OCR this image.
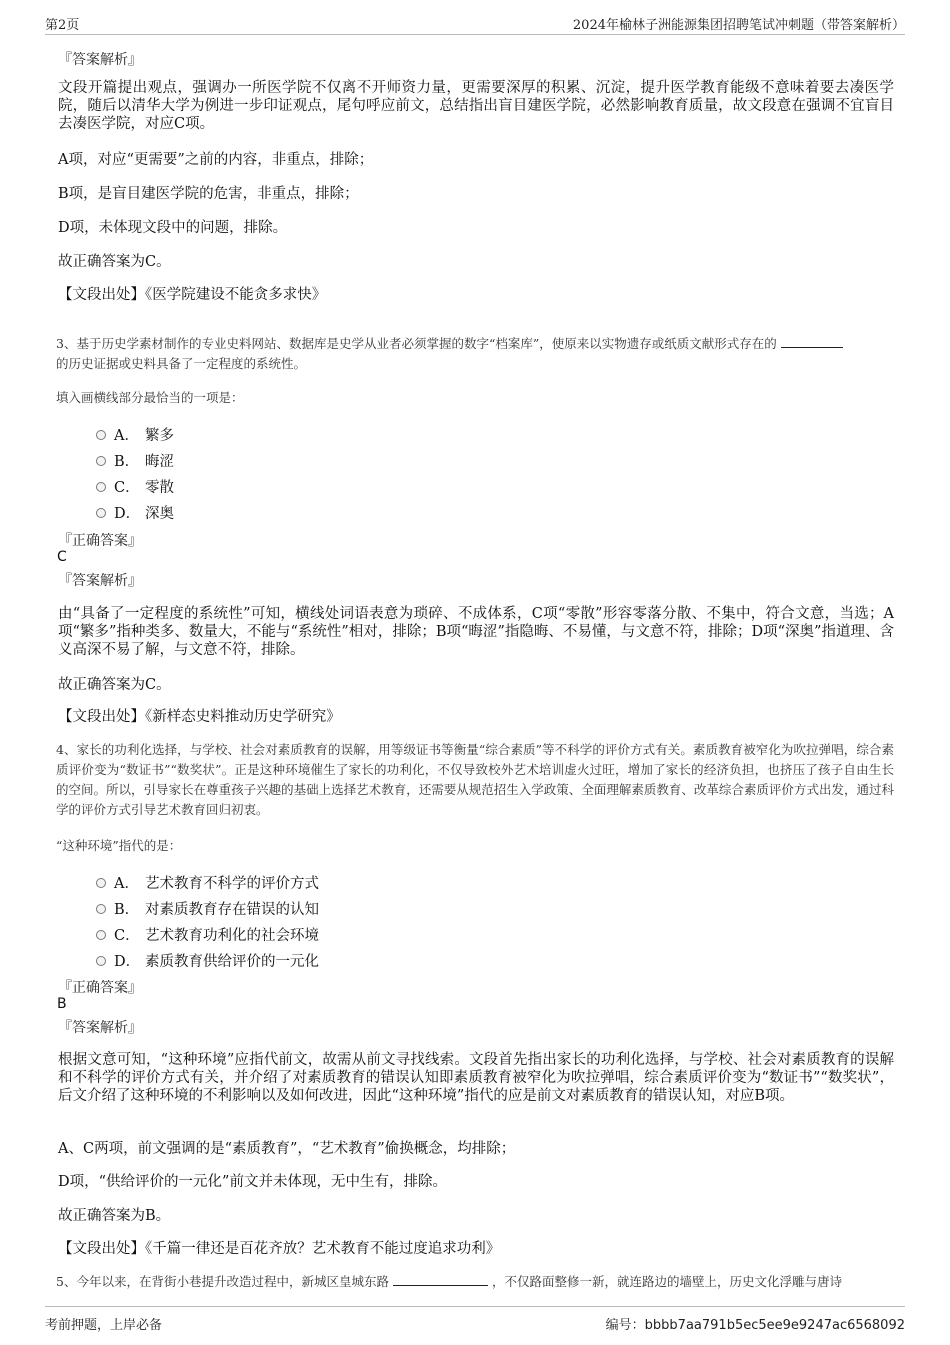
第2页	2024年榆林子洲能源集团招聘笔试冲刺题（带答案解析）
『答案解析』
文段开篇提出观点，强调办一所医学院不仅离不开师资力量，更需要深厚的积累、沉淀，提升医学教育能级不意味着要去凑医学院，随后以清华大学为例进一步印证观点，尾句呼应前文，总结指出盲目建医学院，必然影响教育质量，故文段意在强调不宜盲目去凑医学院，对应C项。
A项，对应“更需要”之前的内容，非重点，排除；
B项，是盲目建医学院的危害，非重点，排除；
D项，未体现文段中的问题，排除。
故正确答案为C。
【文段出处】《医学院建设不能贪多求快》
3、基于历史学素材制作的专业史料网站、数据库是史学从业者必须掌握的数字“档案库”，使原来以实物遗存或纸质文献形式存在的
的历史证据或史料具备了一定程度的系统性。
填入画横线部分最恰当的一项是：
A． 繁多
B． 晦涩
C． 零散
D． 深奥
『正确答案』
C
『答案解析』
由“具备了一定程度的系统性”可知，横线处词语表意为琐碎、不成体系，C项“零散”形容零落分散、不集中，符合文意，当选；A项“繁多”指种类多、数量大，不能与“系统性”相对，排除；B项“晦涩”指隐晦、不易懂，与文意不符，排除；D项“深奥”指道理、含义高深不易了解，与文意不符，排除。
故正确答案为C。
【文段出处】《新样态史料推动历史学研究》
4、家长的功利化选择，与学校、社会对素质教育的误解，用等级证书等衡量“综合素质”等不科学的评价方式有关。素质教育被窄化为吹拉弹唱，综合素质评价变为“数证书”“数奖状”。正是这种环境催生了家长的功利化，不仅导致校外艺术培训虚火过旺，增加了家长的经济负担，也挤压了孩子自由生长的空间。所以，引导家长在尊重孩子兴趣的基础上选择艺术教育，还需要从规范招生入学政策、全面理解素质教育、改革综合素质评价方式出发，通过科学的评价方式引导艺术教育回归初衷。
“这种环境”指代的是：
A． 艺术教育不科学的评价方式
B． 对素质教育存在错误的认知
C． 艺术教育功利化的社会环境
D． 素质教育供给评价的一元化
『正确答案』
B
『答案解析』
根据文意可知，“这种环境”应指代前文，故需从前文寻找线索。文段首先指出家长的功利化选择，与学校、社会对素质教育的误解和不科学的评价方式有关，并介绍了对素质教育的错误认知即素质教育被窄化为吹拉弹唱，综合素质评价变为“数证书”“数奖状”，后文介绍了这种环境的不利影响以及如何改进，因此“这种环境”指代的应是前文对素质教育的错误认知，对应B项。
A、C两项，前文强调的是“素质教育”，“艺术教育”偷换概念，均排除；
D项，“供给评价的一元化”前文并未体现，无中生有，排除。
故正确答案为B。
【文段出处】《千篇一律还是百花齐放？艺术教育不能过度追求功利》
5、今年以来，在背街小巷提升改造过程中，新城区皇城东路	，不仅路面整修一新，就连路边的墙壁上，历史文化浮雕与唐诗
考前押题，上岸必备	编号：bbbb7aa791b5ec5ee9e9247ac6568092
